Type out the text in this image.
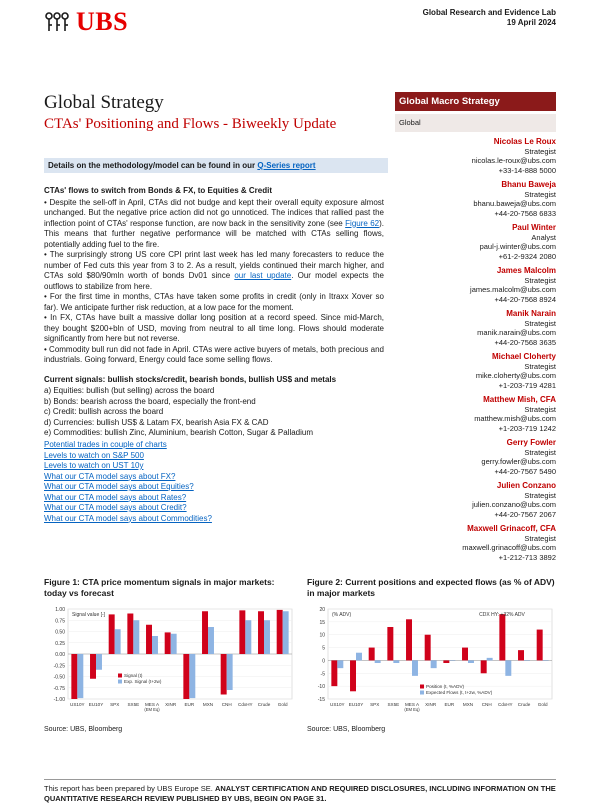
UBS	Global Research and Evidence Lab
19 April 2024
Global Strategy
CTAs' Positioning and Flows - Biweekly Update
Details on the methodology/model can be found in our Q-Series report
CTAs' flows to switch from Bonds & FX, to Equities & Credit

• Despite the sell-off in April, CTAs did not budge and kept their overall equity exposure almost unchanged. But the negative price action did not go unnoticed. The indices that rallied past the inflection point of CTAs' response function, are now back in the sensitivity zone (see Figure 62). This means that further negative performance will be matched with CTAs selling flows, potentially adding fuel to the fire.

• The surprisingly strong US core CPI print last week has led many forecasters to reduce the number of Fed cuts this year from 3 to 2. As a result, yields continued their march higher, and CTAs sold $80/90mln worth of bonds Dv01 since our last update. Our model expects the outflows to stabilize from here.

• For the first time in months, CTAs have taken some profits in credit (only in Itraxx Xover so far). We anticipate further risk reduction, at a low pace for the moment.

• In FX, CTAs have built a massive dollar long position at a record speed. Since mid-March, they bought $200+bln of USD, moving from neutral to all time long. Flows should moderate significantly from here but not reverse.

• Commodity bull run did not fade in April. CTAs were active buyers of metals, both precious and industrials. Going forward, Energy could face some selling flows.

Current signals: bullish stocks/credit, bearish bonds, bullish US$ and metals

a) Equities: bullish (but selling) across the board

b) Bonds: bearish across the board, especially the front-end

c) Credit: bullish across the board

d) Currencies: bullish US$ & Latam FX, bearish Asia FX & CAD

e) Commodities: bullish Zinc, Aluminium, bearish Cotton, Sugar & Palladium

Potential trades in couple of charts
Levels to watch on S&P 500
Levels to watch on UST 10y
What our CTA model says about FX?
What our CTA model says about Equities?
What our CTA model says about Rates?
What our CTA model says about Credit?
What our CTA model says about Commodities?
Global Macro Strategy
Global
Nicolas Le Roux
Strategist
nicolas.le-roux@ubs.com
+33-14-888 5000
Bhanu Baweja
Strategist
bhanu.baweja@ubs.com
+44-20-7568 6833
Paul Winter
Analyst
paul-j.winter@ubs.com
+61-2-9324 2080
James Malcolm
Strategist
james.malcolm@ubs.com
+44-20-7568 8924
Manik Narain
Strategist
manik.narain@ubs.com
+44-20-7568 3635
Michael Cloherty
Strategist
mike.cloherty@ubs.com
+1-203-719 4281
Matthew Mish, CFA
Strategist
matthew.mish@ubs.com
+1-203-719 1242
Gerry Fowler
Strategist
gerry.fowler@ubs.com
+44-20-7567 5490
Julien Conzano
Strategist
julien.conzano@ubs.com
+44-20-7567 2067
Maxwell Grinacoff, CFA
Strategist
maxwell.grinacoff@ubs.com
+1-212-713 3892
Figure 1: CTA price momentum signals in major markets: today vs forecast
1.00
0.75
0.50
0.25
0.00
-0.25
-0.50
-0.75
-1.00
US10Y EU10Y SPX SX5E MES A
(EM Eq)
XINR EUR MXN CNH CdxHY Crude Gold
Signal value [-]
Signal (t)
Exp. Signal (t+2w)
Source: UBS, Bloomberg
Figure 2: Current positions and expected flows (as % of ADV) in major markets
20
15
10
5
0
-5
-10
-15
US10Y EU10Y SPX SX5E MES A
(EM Eq)
XINR EUR MXN CNH CdxHY Crude Gold
(% ADV)	CDX HY: +32% ADV
Position (t, %ADV)
Expected Flows (t, t+2w, %ADV)
Source: UBS, Bloomberg
This report has been prepared by UBS Europe SE. ANALYST CERTIFICATION AND REQUIRED DISCLOSURES, INCLUDING INFORMATION ON THE QUANTITATIVE RESEARCH REVIEW PUBLISHED BY UBS, BEGIN ON PAGE 31.
